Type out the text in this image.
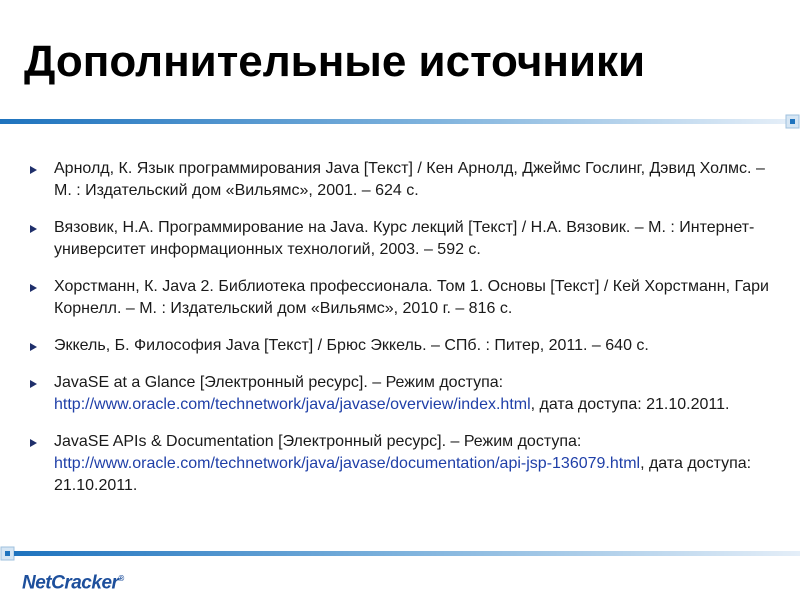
Дополнительные источники
Арнолд, К. Язык программирования Java [Текст] / Кен Арнолд, Джеймс Гослинг, Дэвид Холмс. – М. : Издательский дом «Вильямс», 2001. – 624 с.
Вязовик, Н.А. Программирование на Java. Курс лекций [Текст] / Н.А. Вязовик. – М. : Интернет-университет информационных технологий, 2003. – 592 с.
Хорстманн, К. Java 2. Библиотека профессионала. Том 1. Основы [Текст] / Кей Хорстманн, Гари Корнелл. – М. : Издательский дом «Вильямс», 2010 г. – 816 с.
Эккель, Б. Философия Java [Текст] / Брюс Эккель. – СПб. : Питер, 2011. – 640 с.
JavaSE at a Glance [Электронный ресурс]. – Режим доступа: http://www.oracle.com/technetwork/java/javase/overview/index.html, дата доступа: 21.10.2011.
JavaSE APIs & Documentation [Электронный ресурс]. – Режим доступа: http://www.oracle.com/technetwork/java/javase/documentation/api-jsp-136079.html, дата доступа: 21.10.2011.
NetCracker®
